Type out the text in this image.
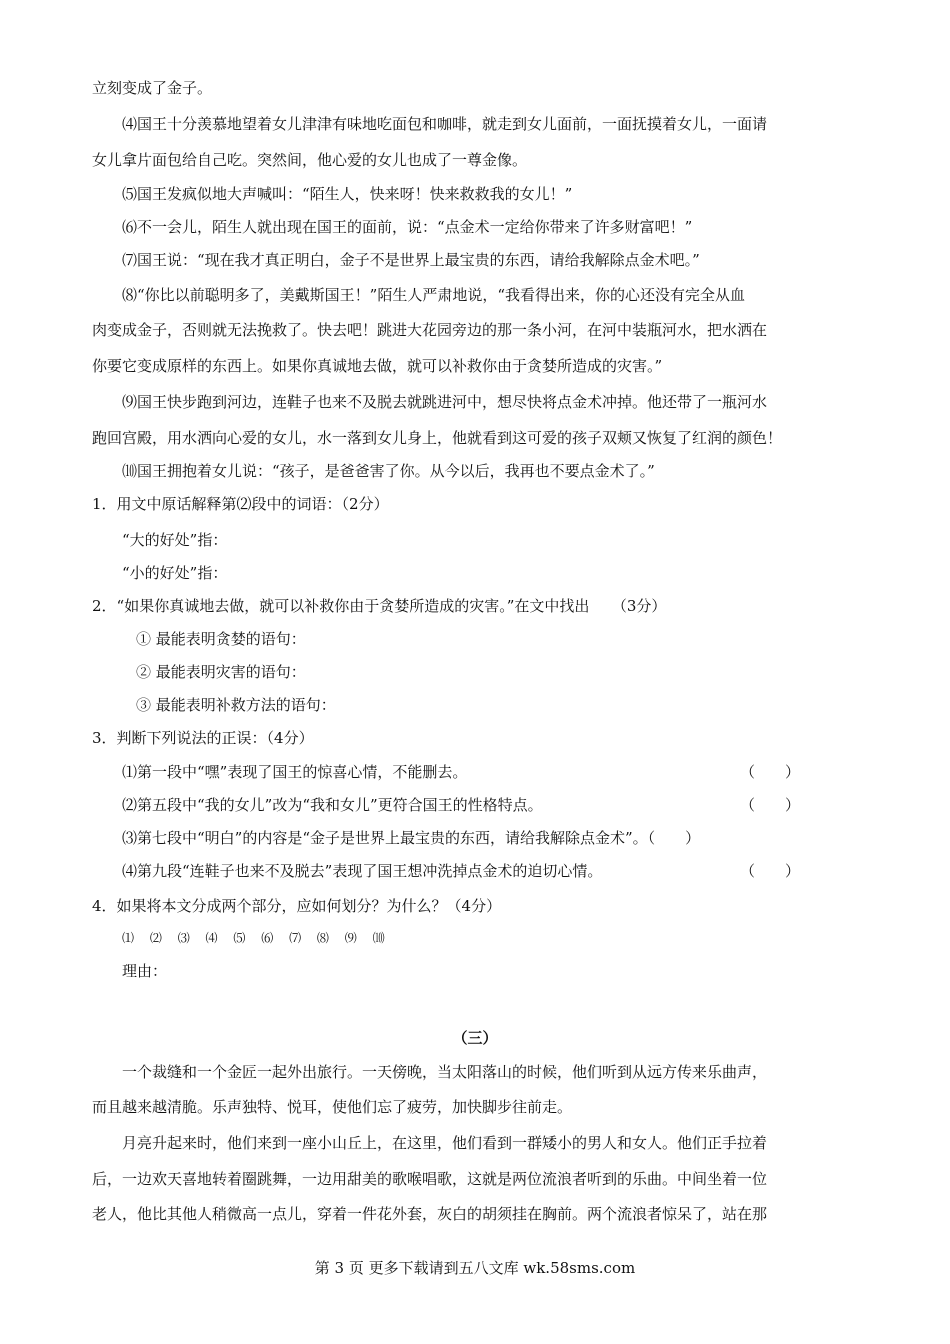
立刻变成了金子。
⑷国王十分羡慕地望着女儿津津有味地吃面包和咖啡，就走到女儿面前，一面抚摸着女儿，一面请
女儿拿片面包给自己吃。突然间，他心爱的女儿也成了一尊金像。
⑸国王发疯似地大声喊叫：“陌生人，快来呀！快来救救我的女儿！”
⑹不一会儿，陌生人就出现在国王的面前，说：“点金术一定给你带来了许多财富吧！”
⑺国王说：“现在我才真正明白，金子不是世界上最宝贵的东西，请给我解除点金术吧。”
⑻“你比以前聪明多了，美戴斯国王！”陌生人严肃地说，“我看得出来，你的心还没有完全从血
肉变成金子，否则就无法挽救了。快去吧！跳进大花园旁边的那一条小河，在河中装瓶河水，把水洒在
你要它变成原样的东西上。如果你真诚地去做，就可以补救你由于贪婪所造成的灾害。”
⑼国王快步跑到河边，连鞋子也来不及脱去就跳进河中，想尽快将点金术冲掉。他还带了一瓶河水
跑回宫殿，用水洒向心爱的女儿，水一落到女儿身上，他就看到这可爱的孩子双颊又恢复了红润的颜色！
⑽国王拥抱着女儿说：“孩子，是爸爸害了你。从今以后，我再也不要点金术了。”
1．用文中原话解释第⑵段中的词语：（2分）
“大的好处”指：
“小的好处”指：
2．“如果你真诚地去做，就可以补救你由于贪婪所造成的灾害。”在文中找出　　（3分）
① 最能表明贪婪的语句：
② 最能表明灾害的语句：
③ 最能表明补救方法的语句：
3．判断下列说法的正误：（4分）
⑴第一段中“嘿”表现了国王的惊喜心情，不能删去。	（　　）
⑵第五段中“我的女儿”改为“我和女儿”更符合国王的性格特点。	（　　）
⑶第七段中“明白”的内容是“金子是世界上最宝贵的东西，请给我解除点金术”。（　　）
⑷第九段“连鞋子也来不及脱去”表现了国王想冲洗掉点金术的迫切心情。	（　　）
4．如果将本文分成两个部分，应如何划分？为什么？（4分）
⑴ ⑵ ⑶ ⑷ ⑸ ⑹ ⑺ ⑻ ⑼ ⑽
理由：
（三）
一个裁缝和一个金匠一起外出旅行。一天傍晚，当太阳落山的时候，他们听到从远方传来乐曲声，
而且越来越清脆。乐声独特、悦耳，使他们忘了疲劳，加快脚步往前走。
月亮升起来时，他们来到一座小山丘上，在这里，他们看到一群矮小的男人和女人。他们正手拉着
后，一边欢天喜地转着圈跳舞，一边用甜美的歌喉唱歌，这就是两位流浪者听到的乐曲。中间坐着一位
老人，他比其他人稍微高一点儿，穿着一件花外套，灰白的胡须挂在胸前。两个流浪者惊呆了，站在那
第 3 页 更多下载请到五八文库 wk.58sms.com
